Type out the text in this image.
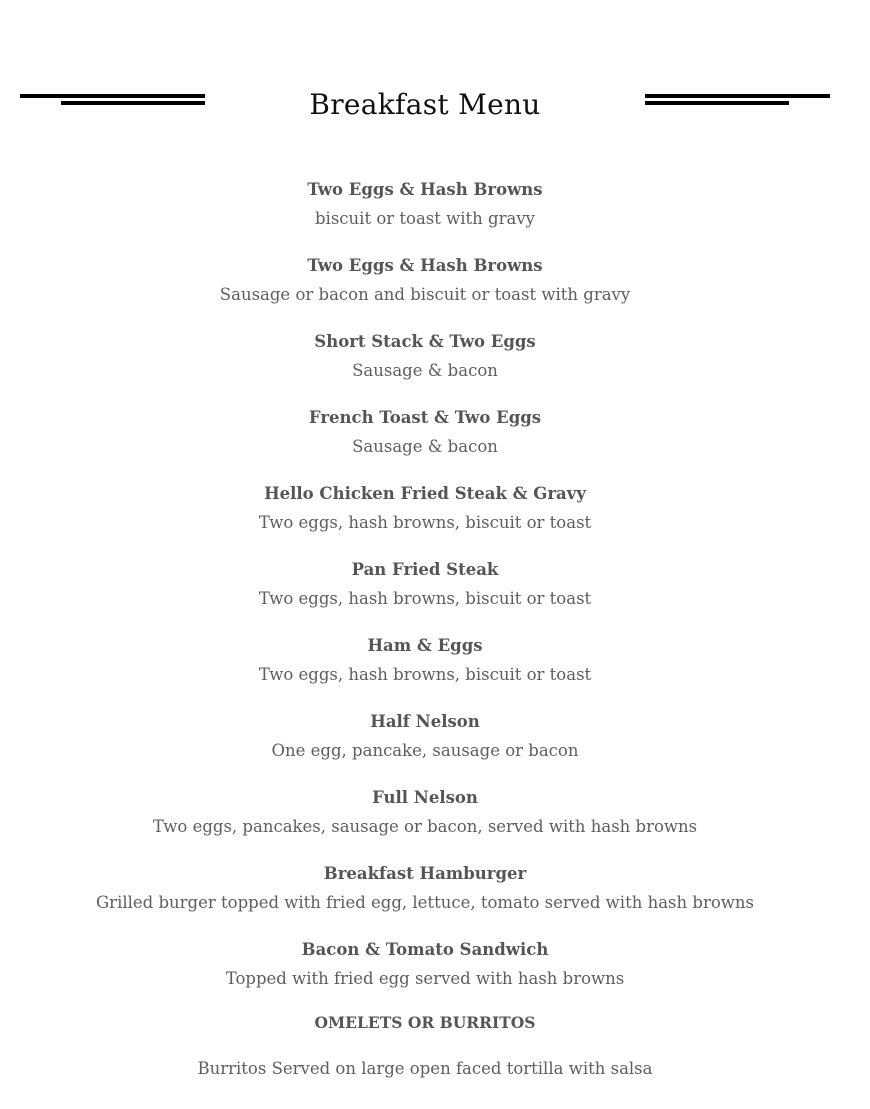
Breakfast Menu
Two Eggs & Hash Browns
biscuit or toast with gravy
Two Eggs & Hash Browns
Sausage or bacon and biscuit or toast with gravy
Short Stack & Two Eggs
Sausage & bacon
French Toast & Two Eggs
Sausage & bacon
Hello Chicken Fried Steak & Gravy
Two eggs, hash browns, biscuit or toast
Pan Fried Steak
Two eggs, hash browns, biscuit or toast
Ham & Eggs
Two eggs, hash browns, biscuit or toast
Half Nelson
One egg, pancake, sausage or bacon
Full Nelson
Two eggs, pancakes, sausage or bacon, served with hash browns
Breakfast Hamburger
Grilled burger topped with fried egg, lettuce, tomato served with hash browns
Bacon & Tomato Sandwich
Topped with fried egg served with hash browns
OMELETS OR BURRITOS
Burritos Served on large open faced tortilla with salsa
